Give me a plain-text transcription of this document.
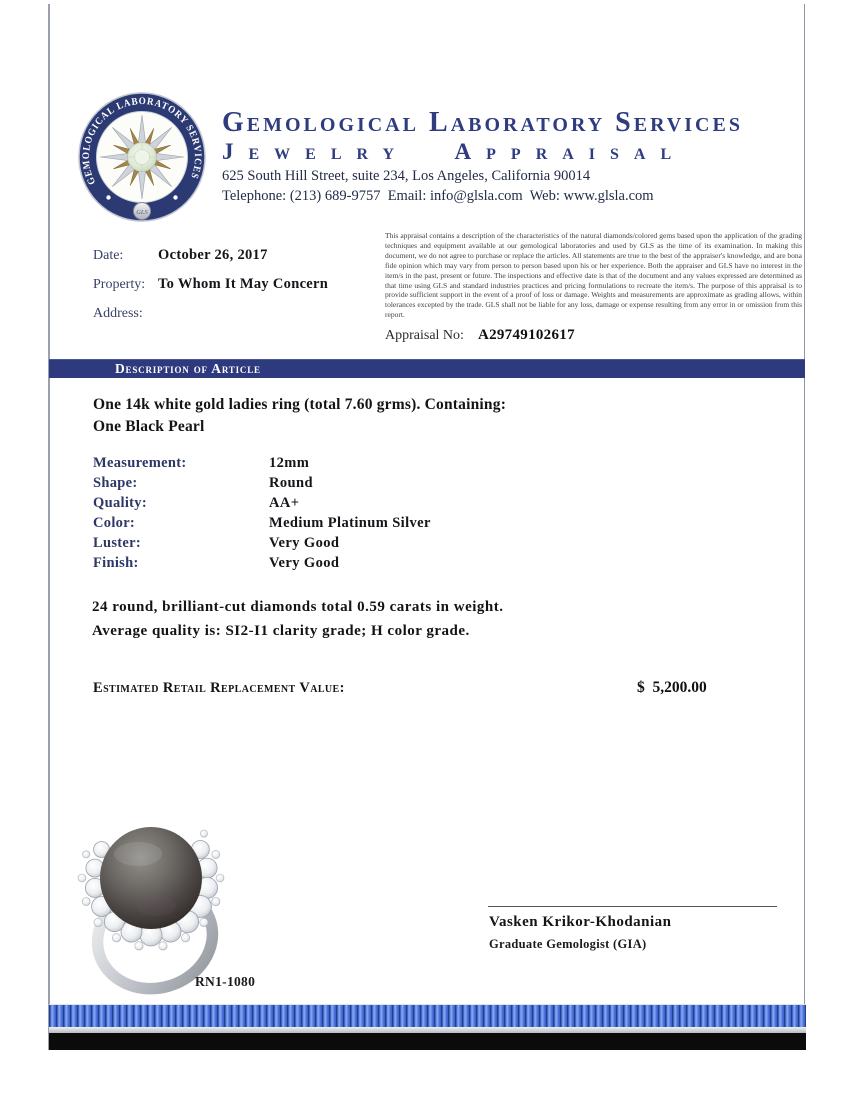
GEMOLOGICAL LABORATORY SERVICES
GLS
Gemological Laboratory Services
Jewelry Appraisal
625 South Hill Street, suite 234, Los Angeles, California 90014
Telephone: (213) 689-9757  Email: info@glsla.com  Web: www.glsla.com
Date:	October 26, 2017
Property: To Whom It May Concern
Address:
This appraisal contains a description of the characteristics of the natural diamonds/colored gems based upon the application of the grading techniques and equipment available at our gemological laboratories and used by GLS as the time of its examination. In making this document, we do not agree to purchase or replace the articles. All statements are true to the best of the appraiser's knowledge, and are bona fide opinion which may vary from person to person based upon his or her experience. Both the appraiser and GLS have no interest in the item/s in the past, present or future. The inspections and effective date is that of the document and any values expressed are determined as that time using GLS and standard industries practices and pricing formulations to recreate the item/s. The purpose of this appraisal is to provide sufficient support in the event of a proof of loss or damage. Weights and measurements are approximate as grading allows, within tolerances excepted by the trade. GLS shall not be liable for any loss, damage or expense resulting from any error in or omission from this report.
Appraisal No: A29749102617
Description of Article
One 14k white gold ladies ring (total 7.60 grms). Containing:
One Black Pearl
Measurement:	12mm
Shape:	Round
Quality:	AA+
Color:	Medium Platinum Silver
Luster:	Very Good
Finish:	Very Good
24 round, brilliant-cut diamonds total 0.59 carats in weight.
Average quality is: SI2-I1 clarity grade; H color grade.
Estimated Retail Replacement Value:	$  5,200.00
RN1-1080
Vasken Krikor-Khodanian
Graduate Gemologist (GIA)
